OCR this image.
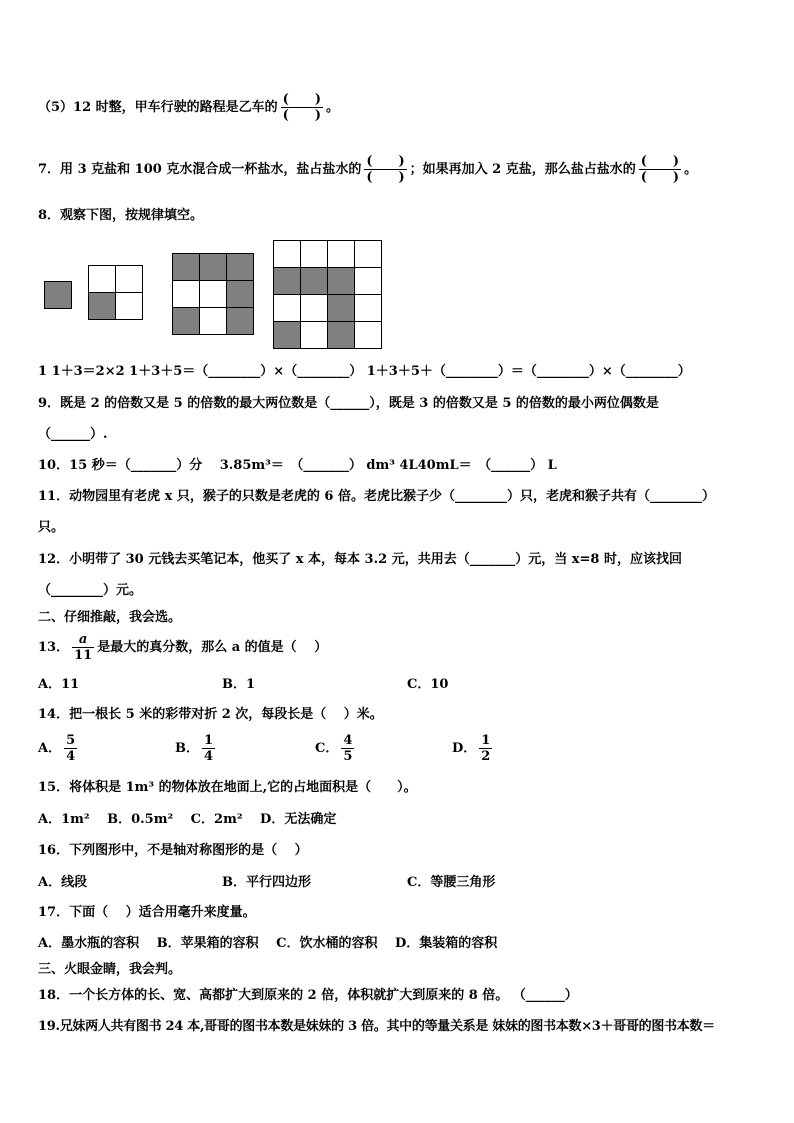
（5）12 时整，甲车行驶的路程是乙车的 $\frac{( )}{( )}$ 。
7．用 3 克盐和 100 克水混合成一杯盐水，盐占盐水的 $\frac{( )}{( )}$ ；如果再加入 2 克盐，那么盐占盐水的 $\frac{( )}{( )}$ 。
8．观察下图，按规律填空。
1 1＋3＝2×2 1＋3＋5＝（________）×（________） 1＋3＋5＋（________）＝（________）×（________）
9．既是 2 的倍数又是 5 的倍数的最大两位数是（______），既是 3 的倍数又是 5 的倍数的最小两位偶数是
（______）.
10．15 秒＝（_______）分　 3.85m³＝　（_______） dm³ 4L40mL＝　（______） L
11．动物园里有老虎 x 只，猴子的只数是老虎的 6 倍。老虎比猴子少（________）只，老虎和猴子共有（________）
只。
12．小明带了 30 元钱去买笔记本，他买了 x 本，每本 3.2 元，共用去（_______）元，当 x=8 时，应该找回
（________）元。
二、仔细推敲，我会选。
13． $\frac{a}{11}$ 是最大的真分数，那么 a 的值是（　 ）
A．11	B．1	C．10
14．把一根长 5 米的彩带对折 2 次，每段长是（　 ）米。
A． $\frac{5}{4}$	B． $\frac{1}{4}$	C． $\frac{4}{5}$	D． $\frac{1}{2}$
15．将体积是 1m³ 的物体放在地面上,它的占地面积是（　　）。
A．1m²　 B．0.5m²　 C．2m²　 D．无法确定
16．下列图形中，不是轴对称图形的是（　 ）
A．线段	B．平行四边形	C．等腰三角形
17．下面（　 ）适合用毫升来度量。
A．墨水瓶的容积　 B．苹果箱的容积　 C．饮水桶的容积　 D．集装箱的容积
三、火眼金睛，我会判。
18．一个长方体的长、宽、高都扩大到原来的 2 倍，体积就扩大到原来的 8 倍。 （______）
19.兄妹两人共有图书 24 本,哥哥的图书本数是妹妹的 3 倍。其中的等量关系是 妹妹的图书本数×3＋哥哥的图书本数＝
